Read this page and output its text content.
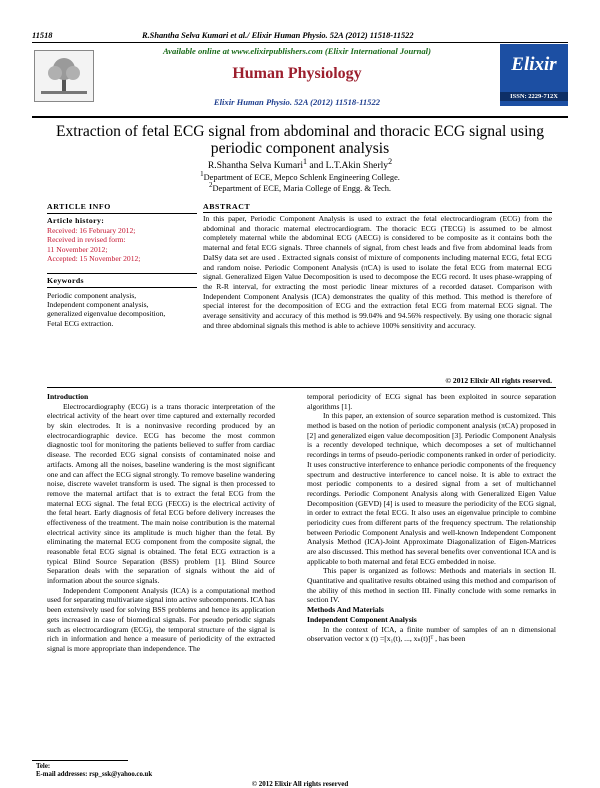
11518	R.Shantha Selva Kumari et al./ Elixir Human Physio. 52A (2012) 11518-11522
Available online at www.elixirpublishers.com (Elixir International Journal)
Human Physiology
Elixir Human Physio. 52A (2012) 11518-11522
Elixir
ISSN: 2229-712X
Extraction of fetal ECG signal from abdominal and thoracic ECG signal using periodic component analysis
R.Shantha Selva Kumari$^1$ and L.T.Akin Sherly$^2$
$^1$Department of ECE, Mepco Schlenk Engineering College.
$^2$Department of ECE, Maria College of Engg. & Tech.
ARTICLE INFO
Article history:
Received: 16 February 2012;
Received in revised form:
11 November 2012;
Accepted: 15 November 2012;
Keywords
Periodic component analysis,
Independent component analysis,
generalized eigenvalue decomposition,
Fetal ECG extraction.
ABSTRACT
In this paper, Periodic Component Analysis is used to extract the fetal electrocardiogram (ECG) from the abdominal and thoracic maternal electrocardiogram. The thoracic ECG (TECG) is assumed to be almost completely maternal while the abdominal ECG (AECG) is considered to be composite as it contains both the maternal and fetal ECG signals. Three channels of signal, from chest leads and five from abdominal leads from DaISy data set are used . Extracted signals consist of mixture of components including maternal ECG, fetal ECG and random noise. Periodic Component Analysis (πCA) is used to isolate the fetal ECG from maternal ECG signal. Generalized Eigen Value Decomposition is used to decompose the ECG record. It uses phase-wrapping of the R-R interval, for extracting the most periodic linear mixtures of a recorded dataset. Comparison with Independent Component Analysis (ICA) demonstrates the quality of this method. This method is therefore of special interest for the decomposition of ECG and the extraction fetal ECG from maternal ECG signal. The average sensitivity and accuracy of this method is 99.04% and 94.56% respectively. By using one thoracic signal and three abdominal signals this method is able to achieve 100% sensitivity and accuracy.
© 2012 Elixir All rights reserved.

Introduction

Electrocardiography (ECG) is a trans thoracic interpretation of the electrical activity of the heart over time captured and externally recorded by skin electrodes. It is a noninvasive recording produced by an electrocardiographic device. ECG has become the most common diagnostic tool for monitoring the patients believed to suffer from cardiac disease. The recorded ECG signal consists of contaminated noise and artifacts. Among all the noises, baseline wandering is the most significant one and can affect the ECG signal strongly. To remove baseline wandering noise, discrete wavelet transform is used. The signal is then processed to remove the maternal artifact that is to extract the fetal ECG from the maternal ECG signal. The fetal ECG (FECG) is the electrical activity of the fetal heart. Early diagnosis of fetal ECG before delivery increases the effectiveness of the treatment. The main noise contribution is the maternal electrical activity since its amplitude is much higher than the fetal. By eliminating the maternal ECG component from the composite signal, the reasonable fetal ECG signal is obtained. The fetal ECG extraction is a typical Blind Source Separation (BSS) problem [1]. Blind Source Separation deals with the separation of signals without the aid of information about the source signals.

Independent Component Analysis (ICA) is a computational method used for separating multivariate signal into active subcomponents. ICA has been extensively used for solving BSS problems and hence its application gets increased in case of biomedical signals. For pseudo periodic signals such as electrocardiogram (ECG), the temporal structure of the signal is rich in information and hence a measure of periodicity of the extracted signal is more appropriate than independence. The

temporal periodicity of ECG signal has been exploited in source separation algorithms [1].

In this paper, an extension of source separation method is customized. This method is based on the notion of periodic component analysis (πCA) proposed in [2] and generalized eigen value decomposition [3]. Periodic Component Analysis is a recently developed technique, which decomposes a set of multichannel recordings in terms of pseudo-periodic components ranked in order of periodicity. It uses constructive interference to enhance periodic components of the frequency spectrum and destructive interference to cancel noise. It is able to extract the most periodic components to a desired signal from a set of multichannel recordings. Periodic Component Analysis along with Generalized Eigen Value Decomposition (GEVD) [4] is used to measure the periodicity of the ECG signal, in order to extract the fetal ECG. It also uses an eigenvalue principle to combine periodicity cues from different parts of the frequency spectrum. The relationship between Periodic Component Analysis and well-known Independent Component Analysis Method (ICA)-Joint Approximate Diagonalization of Eigen-Matrices are also discussed. This method has several benefits over conventional ICA and is applicable to both maternal and fetal ECG embedded in noise.

This paper is organized as follows: Methods and materials in section II. Quantitative and qualitative results obtained using this method and comparison of the ability of this method in section III. Finally conclude with some remarks in section IV.

Methods And Materials

Independent Component Analysis

In the context of ICA, a finite number of samples of an n dimensional observation vector x (t) =[x₁(t), ..., xₙ(t)]ᵀ , has been

Tele:
E-mail addresses: rsp_ssk@yahoo.co.uk
© 2012 Elixir All rights reserved
